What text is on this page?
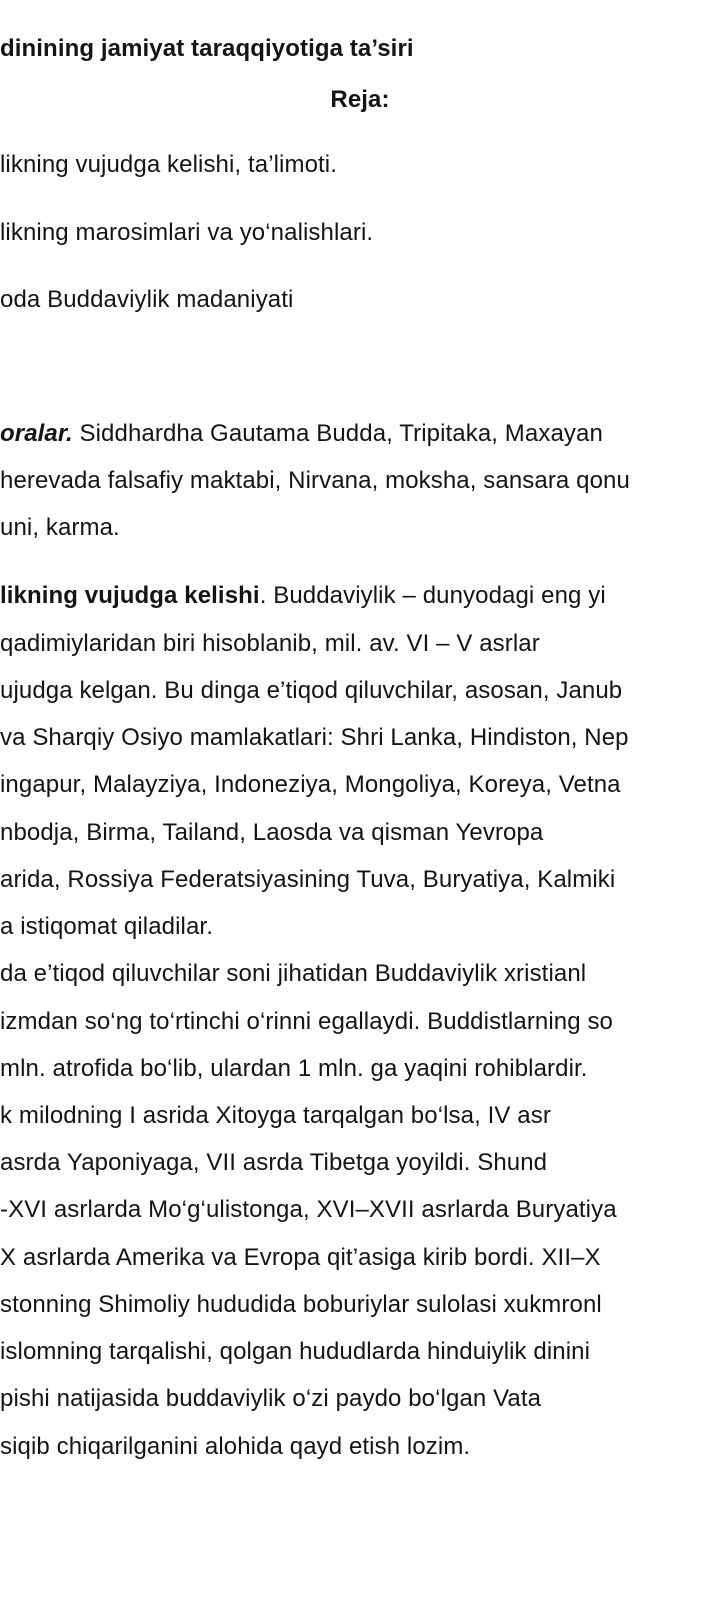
dinining jamiyat taraqqiyotiga ta’siri
Reja:
likning vujudga kelishi, ta’limoti.
likning marosimlari va yo‘nalishlari.
oda Buddaviylik madaniyati
oralar. Siddhardha Gautama Budda, Tripitaka, Maxayan
herevada falsafiy maktabi, Nirvana, moksha, sansara qonu
uni, karma.
likning vujudga kelishi. Buddaviylik – dunyodagi eng yi
qadimiylaridan biri hisoblanib, mil. av. VI – V asrlar
ujudga kelgan. Bu dinga e’tiqod qiluvchilar, asosan, Janub
va Sharqiy Osiyo mamlakatlari: Shri Lanka, Hindiston, Nep
ingapur, Malayziya, Indoneziya, Mongoliya, Koreya, Vetna
nbodja, Birma, Tailand, Laosda va qisman Yevropa
arida, Rossiya Federatsiyasining Tuva, Buryatiya, Kalmiki
a istiqomat qiladilar.
da e’tiqod qiluvchilar soni jihatidan Buddaviylik xristianl
izmdan so‘ng to‘rtinchi o‘rinni egallaydi. Buddistlarning so
mln. atrofida bo‘lib, ulardan 1 mln. ga yaqini rohiblardir.
k milodning I asrida Xitoyga tarqalgan bo‘lsa, IV asr
asrda Yaponiyaga, VII asrda Tibetga yoyildi. Shund
-XVI asrlarda Mo‘g‘ulistonga, XVI–XVII asrlarda Buryatiya
X asrlarda Amerika va Evropa qit’asiga kirib bordi. XII–X
stonning Shimoliy hududida boburiylar sulolasi xukmronl
islomning tarqalishi, qolgan hududlarda hinduiylik dinini
pishi natijasida buddaviylik o‘zi paydo bo‘lgan Vata
siqib chiqarilganini alohida qayd etish lozim.
